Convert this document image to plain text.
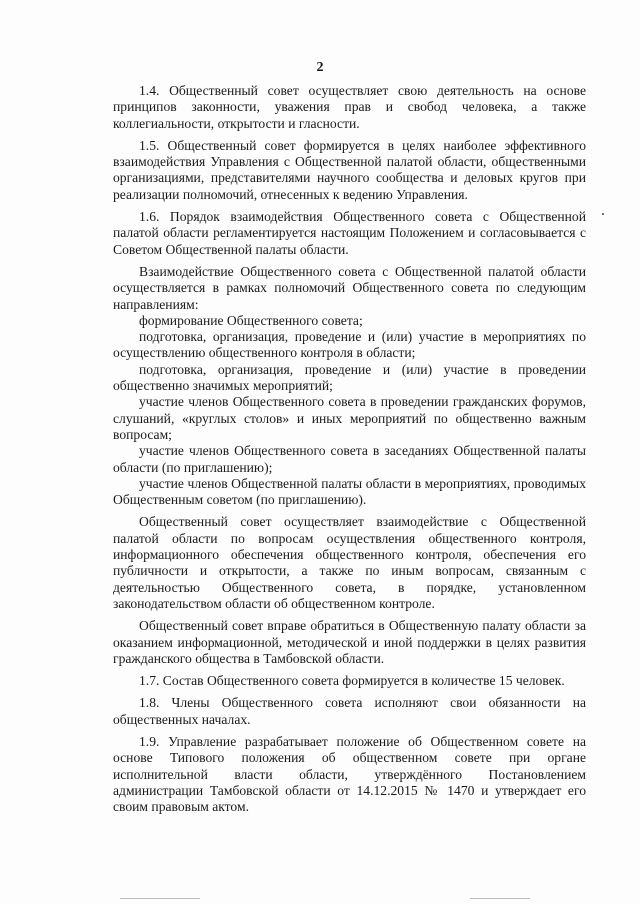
2

1.4. Общественный совет осуществляет свою деятельность на основе принципов законности, уважения прав и свобод человека, а также коллегиальности, открытости и гласности.

1.5. Общественный совет формируется в целях наиболее эффективного взаимодействия Управления с Общественной палатой области, общественными организациями, представителями научного сообщества и деловых кругов при реализации полномочий, отнесенных к ведению Управления.

1.6. Порядок взаимодействия Общественного совета с Общественной палатой области регламентируется настоящим Положением и согласовывается с Советом Общественной палаты области.

Взаимодействие Общественного совета с Общественной палатой области осуществляется в рамках полномочий Общественного совета по следующим направлениям:

формирование Общественного совета;

подготовка, организация, проведение и (или) участие в мероприятиях по осуществлению общественного контроля в области;

подготовка, организация, проведение и (или) участие в проведении общественно значимых мероприятий;

участие членов Общественного совета в проведении гражданских форумов, слушаний, «круглых столов» и иных мероприятий по общественно важным вопросам;

участие членов Общественного совета в заседаниях Общественной палаты области (по приглашению);

участие членов Общественной палаты области в мероприятиях, проводимых Общественным советом (по приглашению).

Общественный совет осуществляет взаимодействие с Общественной палатой области по вопросам осуществления общественного контроля, информационного обеспечения общественного контроля, обеспечения его публичности и открытости, а также по иным вопросам, связанным с деятельностью Общественного совета, в порядке, установленном законодательством области об общественном контроле.

Общественный совет вправе обратиться в Общественную палату области за оказанием информационной, методической и иной поддержки в целях развития гражданского общества в Тамбовской области.

1.7. Состав Общественного совета формируется в количестве 15 человек.

1.8. Члены Общественного совета исполняют свои обязанности на общественных началах.

1.9. Управление разрабатывает положение об Общественном совете на основе Типового положения об общественном совете при органе исполнительной власти области, утверждённого Постановлением администрации Тамбовской области от 14.12.2015 № 1470 и утверждает его своим правовым актом.
